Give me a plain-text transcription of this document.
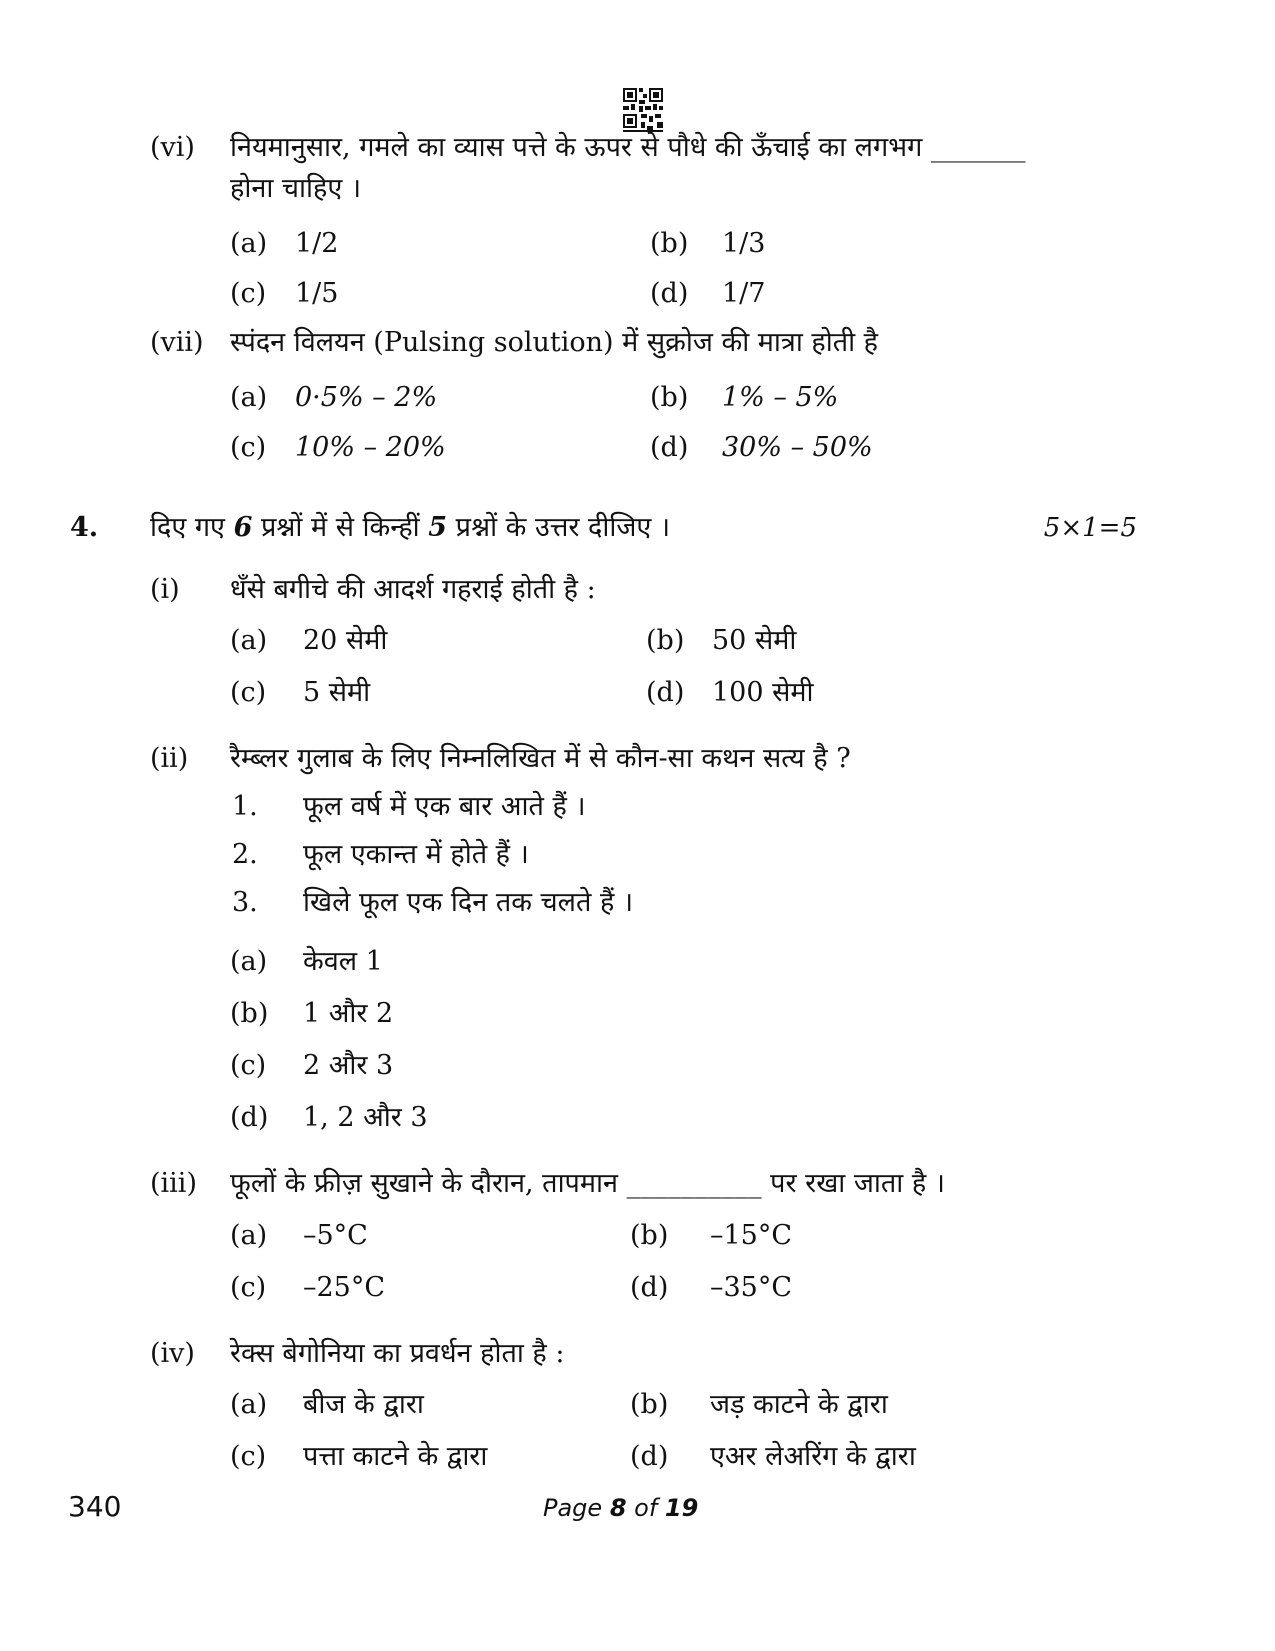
(vi) नियमानुसार, गमले का व्यास पत्ते के ऊपर से पौधे की ऊँचाई का लगभग _______
होना चाहिए ।
(a) 1/2	(b) 1/3
(c) 1/5	(d) 1/7
(vii) स्पंदन विलयन (Pulsing solution) में सुक्रोज की मात्रा होती है
(a) 0·5% – 2%	(b) 1% – 5%
(c) 10% – 20%	(d) 30% – 50%
4. दिए गए 6 प्रश्नों में से किन्हीं 5 प्रश्नों के उत्तर दीजिए ।	5×1=5
(i) धँसे बगीचे की आदर्श गहराई होती है :
(a) 20 सेमी	(b) 50 सेमी
(c) 5 सेमी	(d) 100 सेमी
(ii) रैम्ब्लर गुलाब के लिए निम्नलिखित में से कौन-सा कथन सत्य है ?
1. फूल वर्ष में एक बार आते हैं ।
2. फूल एकान्त में होते हैं ।
3. खिले फूल एक दिन तक चलते हैं ।
(a) केवल 1
(b) 1 और 2
(c) 2 और 3
(d) 1, 2 और 3
(iii) फूलों के फ्रीज़ सुखाने के दौरान, तापमान __________ पर रखा जाता है ।
(a) –5°C	(b) –15°C
(c) –25°C	(d) –35°C
(iv) रेक्स बेगोनिया का प्रवर्धन होता है :
(a) बीज के द्वारा	(b) जड़ काटने के द्वारा
(c) पत्ता काटने के द्वारा	(d) एअर लेअरिंग के द्वारा
340	Page 8 of 19
